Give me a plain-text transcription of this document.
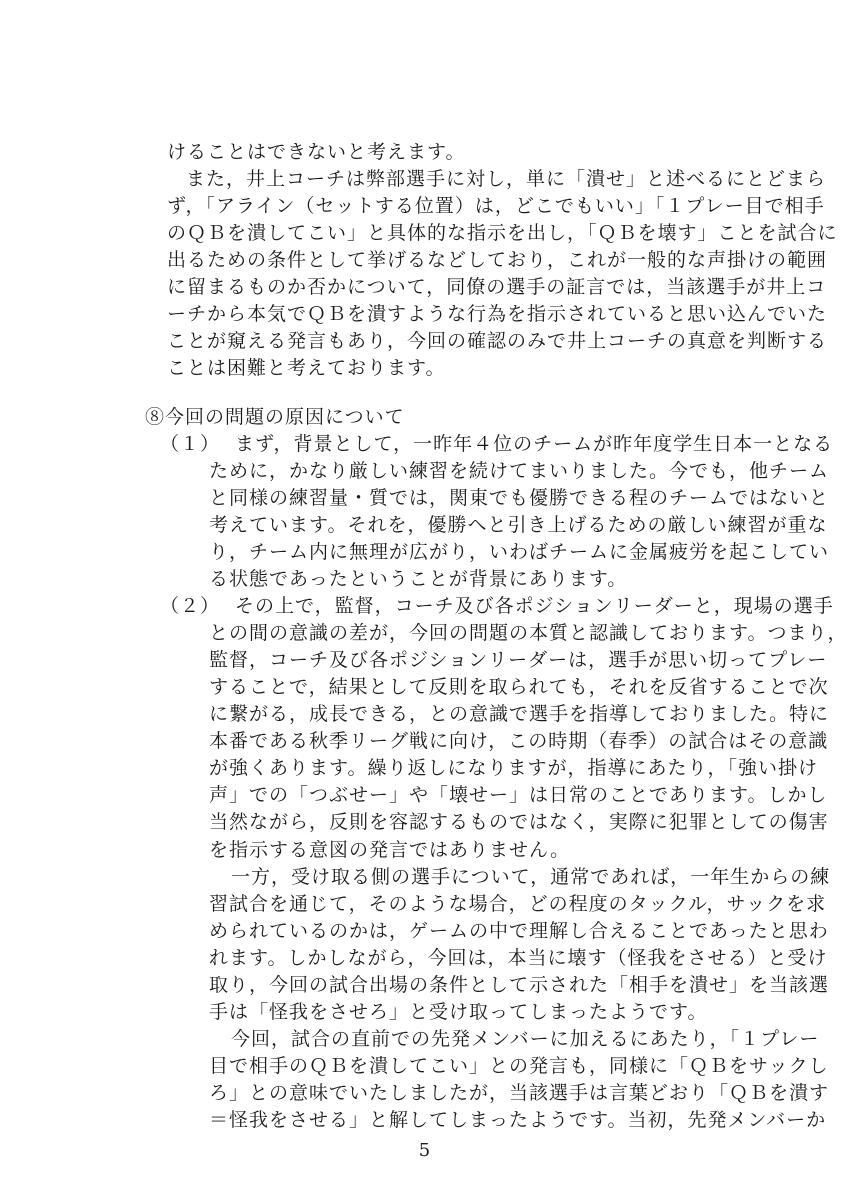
けることはできないと考えます。
また，井上コーチは弊部選手に対し，単に「潰せ」と述べるにとどまら
ず，「アライン（セットする位置）は，どこでもいい」「１プレー目で相手
のＱＢを潰してこい」と具体的な指示を出し，「ＱＢを壊す」ことを試合に
出るための条件として挙げるなどしており，これが一般的な声掛けの範囲
に留まるものか否かについて，同僚の選手の証言では，当該選手が井上コ
ーチから本気でＱＢを潰すような行為を指示されていると思い込んでいた
ことが窺える発言もあり，今回の確認のみで井上コーチの真意を判断する
ことは困難と考えております。
⑧今回の問題の原因について
（１） まず，背景として，一昨年４位のチームが昨年度学生日本一となる
ために，かなり厳しい練習を続けてまいりました。今でも，他チーム
と同様の練習量・質では，関東でも優勝できる程のチームではないと
考えています。それを，優勝へと引き上げるための厳しい練習が重な
り，チーム内に無理が広がり，いわばチームに金属疲労を起こしてい
る状態であったということが背景にあります。
（２） その上で，監督，コーチ及び各ポジションリーダーと，現場の選手
との間の意識の差が，今回の問題の本質と認識しております。つまり，
監督，コーチ及び各ポジションリーダーは，選手が思い切ってプレー
することで，結果として反則を取られても，それを反省することで次
に繋がる，成長できる，との意識で選手を指導しておりました。特に
本番である秋季リーグ戦に向け，この時期（春季）の試合はその意識
が強くあります。繰り返しになりますが，指導にあたり，「強い掛け
声」での「つぶせー」や「壊せー」は日常のことであります。しかし
当然ながら，反則を容認するものではなく，実際に犯罪としての傷害
を指示する意図の発言ではありません。
一方，受け取る側の選手について，通常であれば，一年生からの練
習試合を通じて，そのような場合，どの程度のタックル，サックを求
められているのかは，ゲームの中で理解し合えることであったと思わ
れます。しかしながら，今回は，本当に壊す（怪我をさせる）と受け
取り，今回の試合出場の条件として示された「相手を潰せ」を当該選
手は「怪我をさせろ」と受け取ってしまったようです。
今回，試合の直前での先発メンバーに加えるにあたり，「１プレー
目で相手のＱＢを潰してこい」との発言も，同様に「ＱＢをサックし
ろ」との意味でいたしましたが，当該選手は言葉どおり「ＱＢを潰す
＝怪我をさせる」と解してしまったようです。当初，先発メンバーか
5
